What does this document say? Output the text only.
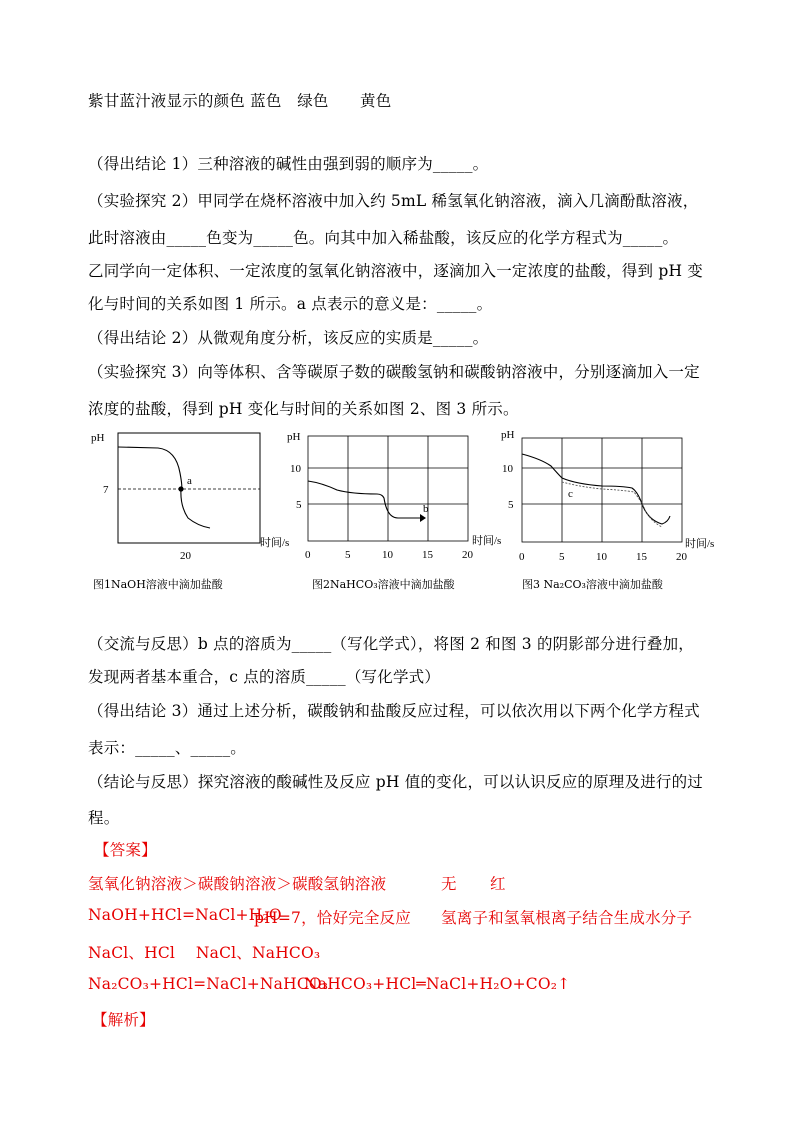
紫甘蓝汁液显示的颜色 蓝色　绿色　　黄色
（得出结论 1）三种溶液的碱性由强到弱的顺序为_____。
（实验探究 2）甲同学在烧杯溶液中加入约 5mL 稀氢氧化钠溶液，滴入几滴酚酞溶液，
此时溶液由_____色变为_____色。向其中加入稀盐酸，该反应的化学方程式为_____。
乙同学向一定体积、一定浓度的氢氧化钠溶液中，逐滴加入一定浓度的盐酸，得到 pH 变
化与时间的关系如图 1 所示。a 点表示的意义是：_____。
（得出结论 2）从微观角度分析，该反应的实质是_____。
（实验探究 3）向等体积、含等碳原子数的碳酸氢钠和碳酸钠溶液中，分别逐滴加入一定
浓度的盐酸，得到 pH 变化与时间的关系如图 2、图 3 所示。
a
pH
7
20
时间/s
图1NaOH溶液中滴加盐酸
b
pH
10
5
0	5	10	15	20
时间/s
图2NaHCO₃溶液中滴加盐酸
c
pH
10
5
0	5	10	15	20
时间/s
图3 Na₂CO₃溶液中滴加盐酸
（交流与反思）b 点的溶质为_____（写化学式），将图 2 和图 3 的阴影部分进行叠加，
发现两者基本重合，c 点的溶质_____（写化学式）
（得出结论 3）通过上述分析，碳酸钠和盐酸反应过程，可以依次用以下两个化学方程式
表示：_____、_____。
（结论与反思）探究溶液的酸碱性及反应 pH 值的变化，可以认识反应的原理及进行的过
程。
【答案】
氢氧化钠溶液＞碳酸钠溶液＞碳酸氢钠溶液	无 红
NaOH+HCl=NaCl+H₂O
pH=7，恰好完全反应 氢离子和氢氧根离子结合生成水分子
NaCl、HCl　 NaCl、NaHCO₃
Na₂CO₃+HCl=NaCl+NaHCO₃
NaHCO₃+HCl═NaCl+H₂O+CO₂↑
【解析】
